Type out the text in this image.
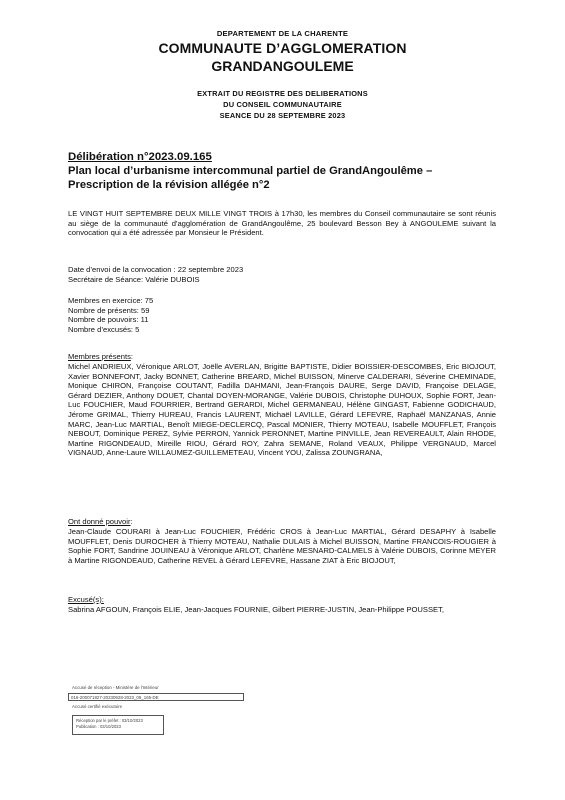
DEPARTEMENT DE LA CHARENTE
COMMUNAUTE D’AGGLOMERATION
GRANDANGOULEME
EXTRAIT DU REGISTRE DES DELIBERATIONS
DU CONSEIL COMMUNAUTAIRE
SEANCE DU 28 SEPTEMBRE 2023
Délibération n°2023.09.165
Plan local d’urbanisme intercommunal partiel de GrandAngoulême –
Prescription de la révision allégée n°2
LE VINGT HUIT SEPTEMBRE DEUX MILLE VINGT TROIS à 17h30, les membres du Conseil communautaire se sont réunis au siège de la communauté d'agglomération de GrandAngoulême, 25 boulevard Besson Bey à ANGOULEME suivant la convocation qui a été adressée par Monsieur le Président.
Date d’envoi de la convocation : 22 septembre 2023
Secrétaire de Séance: Valérie DUBOIS
Membres en exercice: 75
Nombre de présents: 59
Nombre de pouvoirs: 11
Nombre d’excusés: 5
Membres présents:
Michel ANDRIEUX, Véronique ARLOT, Joëlle AVERLAN, Brigitte BAPTISTE, Didier BOISSIER-DESCOMBES, Eric BIOJOUT, Xavier BONNEFONT, Jacky BONNET, Catherine BREARD, Michel BUISSON, Minerve CALDERARI, Séverine CHEMINADE, Monique CHIRON, Françoise COUTANT, Fadilla DAHMANI, Jean-François DAURE, Serge DAVID, Françoise DELAGE, Gérard DEZIER, Anthony DOUET, Chantal DOYEN-MORANGE, Valérie DUBOIS, Christophe DUHOUX, Sophie FORT, Jean-Luc FOUCHIER, Maud FOURRIER, Bertrand GERARDI, Michel GERMANEAU, Hélène GINGAST, Fabienne GODICHAUD, Jérome GRIMAL, Thierry HUREAU, Francis LAURENT, Michaël LAVILLE, Gérard LEFEVRE, Raphaël MANZANAS, Annie MARC, Jean-Luc MARTIAL, Benoît MIEGE-DECLERCQ, Pascal MONIER, Thierry MOTEAU, Isabelle MOUFFLET, François NEBOUT, Dominique PEREZ, Sylvie PERRON, Yannick PERONNET, Martine PINVILLE, Jean REVEREAULT, Alain RHODE, Martine RIGONDEAUD, Mireille RIOU, Gérard ROY, Zahra SEMANE, Roland VEAUX, Philippe VERGNAUD, Marcel VIGNAUD, Anne-Laure WILLAUMEZ-GUILLEMETEAU, Vincent YOU, Zalissa ZOUNGRANA,
Ont donné pouvoir:
Jean-Claude COURARI à Jean-Luc FOUCHIER, Frédéric CROS à Jean-Luc MARTIAL, Gérard DESAPHY à Isabelle MOUFFLET, Denis DUROCHER à Thierry MOTEAU, Nathalie DULAIS à Michel BUISSON, Martine FRANCOIS-ROUGIER à Sophie FORT, Sandrine JOUINEAU à Véronique ARLOT, Charlène MESNARD-CALMELS à Valérie DUBOIS, Corinne MEYER à Martine RIGONDEAUD, Catherine REVEL à Gérard LEFEVRE, Hassane ZIAT à Eric BIOJOUT,
Excusé(s):
Sabrina AFGOUN, François ELIE, Jean-Jacques FOURNIE, Gilbert PIERRE-JUSTIN, Jean-Philippe POUSSET,
Accusé de réception - Ministère de l'Intérieur
016-200071827-20230928-2023_09_165-DE
Accusé certifié exécutoire
Réception par le préfet : 03/10/2023
Publication : 03/10/2023
